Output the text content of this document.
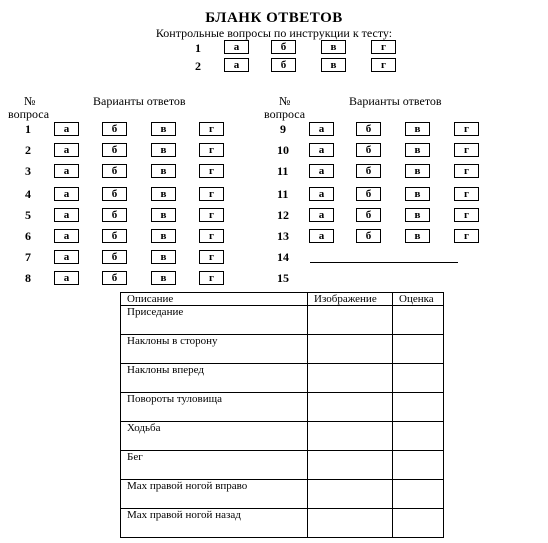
БЛАНК ОТВЕТОВ
Контрольные вопросы по инструкции к тесту:
1	а	б	в	г
2	а	б	в	г
№
вопроса
Варианты ответов	№
вопроса
Варианты ответов
1	а	б	в	г
2	а	б	в	г
3	а	б	в	г
4	а	б	в	г
5	а	б	в	г
6	а	б	в	г
7	а	б	в	г
8	а	б	в	г
9	а	б	в	г
10	а	б	в	г
11	а	б	в	г
11	а	б	в	г
12	а	б	в	г
13	а	б	в	г
14
15
Описание	Изображение	Оценка
Приседание		
Наклоны в сторону		
Наклоны вперед		
Повороты туловища		
Ходьба		
Бег		
Мах правой ногой вправо		
Мах правой ногой назад		
